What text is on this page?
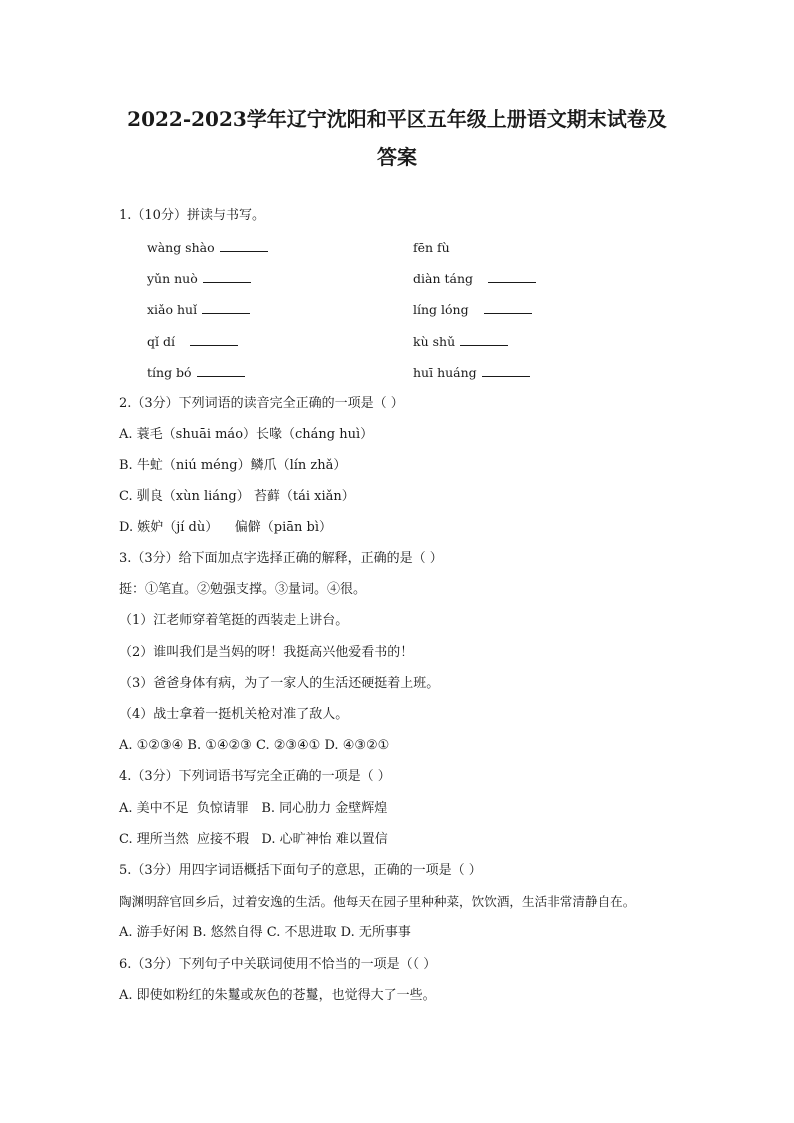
2022-2023学年辽宁沈阳和平区五年级上册语文期末试卷及
答案

1.（10分）拼读与书写。

wàng shào	fēn fù
yǔn nuò	diàn táng
xiǎo huǐ	líng lóng
qǐ dí	kù shǔ
tíng bó	huī huáng

2.（3分）下列词语的读音完全正确的一项是（ ）

A. 蓑毛（shuāi máo）长喙（cháng huì）

B. 牛虻（niú méng）鳞爪（lín zhǎ）

C. 驯良（xùn liáng） 苔藓（tái xiǎn）

D. 嫉妒（jí dù）    偏僻（piān bì）

3.（3分）给下面加点字选择正确的解释，正确的是（ ）

挺：①笔直。②勉强支撑。③量词。④很。

（1）江老师穿着笔挺的西装走上讲台。

（2）谁叫我们是当妈的呀！我挺高兴他爱看书的！

（3）爸爸身体有病，为了一家人的生活还硬挺着上班。

（4）战士拿着一挺机关枪对准了敌人。

A. ①②③④ B. ①④②③ C. ②③④① D. ④③②①

4.（3分）下列词语书写完全正确的一项是（ ）

A. 美中不足  负惊请罪   B. 同心肋力 金壁辉煌

C. 理所当然  应接不瑕   D. 心旷神怡 难以置信

5.（3分）用四字词语概括下面句子的意思，正确的一项是（ ）

陶渊明辞官回乡后，过着安逸的生活。他每天在园子里种种菜，饮饮酒，生活非常清静自在。

A. 游手好闲 B. 悠然自得 C. 不思进取 D. 无所事事

6.（3分）下列句子中关联词使用不恰当的一项是（（ ）

A. 即使如粉红的朱鬘或灰色的苍鬘，也觉得大了一些。
